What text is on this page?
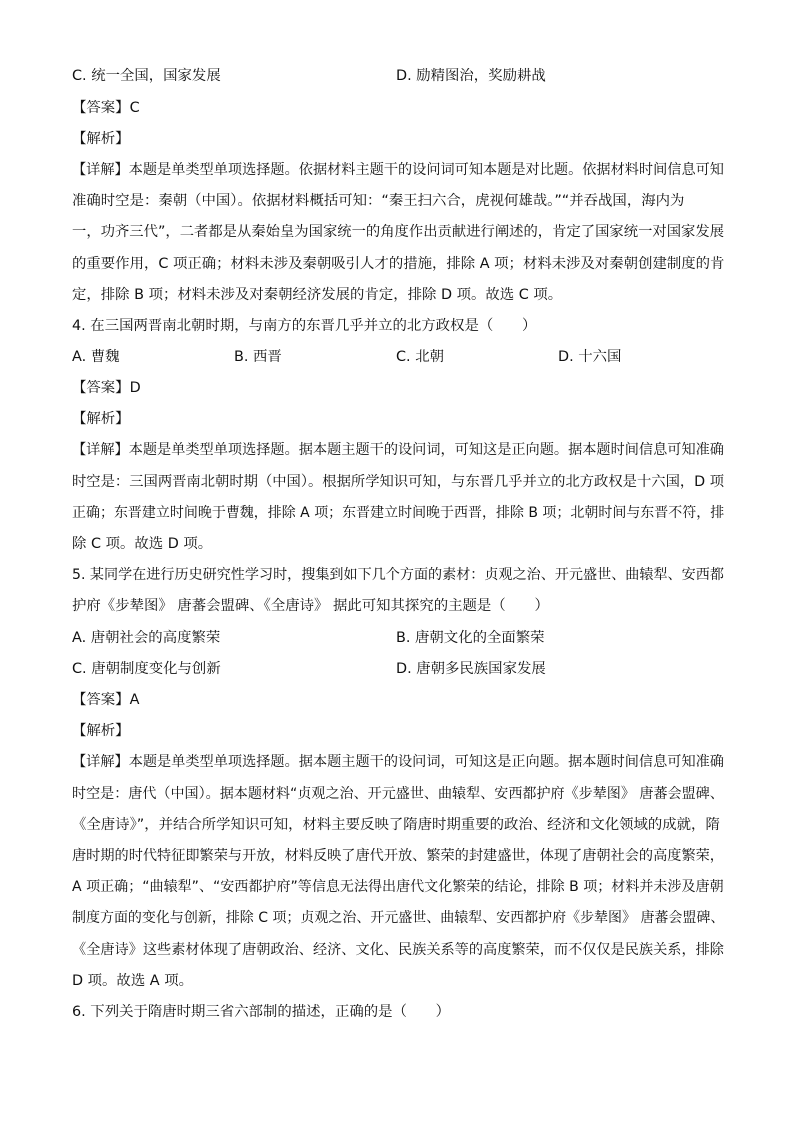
C. 统一全国，国家发展	D. 励精图治，奖励耕战
【答案】C
【解析】
【详解】本题是单类型单项选择题。依据材料主题干的设问词可知本题是对比题。依据材料时间信息可知
准确时空是：秦朝（中国）。依据材料概括可知：“秦王扫六合，虎视何雄哉。”“并吞战国，海内为
一，功齐三代”，二者都是从秦始皇为国家统一的角度作出贡献进行阐述的，肯定了国家统一对国家发展
的重要作用，C 项正确；材料未涉及秦朝吸引人才的措施，排除 A 项；材料未涉及对秦朝创建制度的肯
定，排除 B 项；材料未涉及对秦朝经济发展的肯定，排除 D 项。故选 C 项。
4. 在三国两晋南北朝时期，与南方的东晋几乎并立的北方政权是（　　）
A. 曹魏	B. 西晋	C. 北朝	D. 十六国
【答案】D
【解析】
【详解】本题是单类型单项选择题。据本题主题干的设问词，可知这是正向题。据本题时间信息可知准确
时空是：三国两晋南北朝时期（中国）。根据所学知识可知，与东晋几乎并立的北方政权是十六国，D 项
正确；东晋建立时间晚于曹魏，排除 A 项；东晋建立时间晚于西晋，排除 B 项；北朝时间与东晋不符，排
除 C 项。故选 D 项。
5. 某同学在进行历史研究性学习时，搜集到如下几个方面的素材：贞观之治、开元盛世、曲辕犁、安西都
护府《步辇图》 唐蕃会盟碑、《全唐诗》 据此可知其探究的主题是（　　）
A. 唐朝社会的高度繁荣	B. 唐朝文化的全面繁荣
C. 唐朝制度变化与创新	D. 唐朝多民族国家发展
【答案】A
【解析】
【详解】本题是单类型单项选择题。据本题主题干的设问词，可知这是正向题。据本题时间信息可知准确
时空是：唐代（中国）。据本题材料“贞观之治、开元盛世、曲辕犁、安西都护府《步辇图》 唐蕃会盟碑、
《全唐诗》”，并结合所学知识可知，材料主要反映了隋唐时期重要的政治、经济和文化领域的成就，隋
唐时期的时代特征即繁荣与开放，材料反映了唐代开放、繁荣的封建盛世，体现了唐朝社会的高度繁荣，
A 项正确；“曲辕犁”、“安西都护府”等信息无法得出唐代文化繁荣的结论，排除 B 项；材料并未涉及唐朝
制度方面的变化与创新，排除 C 项；贞观之治、开元盛世、曲辕犁、安西都护府《步辇图》 唐蕃会盟碑、
《全唐诗》这些素材体现了唐朝政治、经济、文化、民族关系等的高度繁荣，而不仅仅是民族关系，排除
D 项。故选 A 项。
6. 下列关于隋唐时期三省六部制的描述，正确的是（　　）
